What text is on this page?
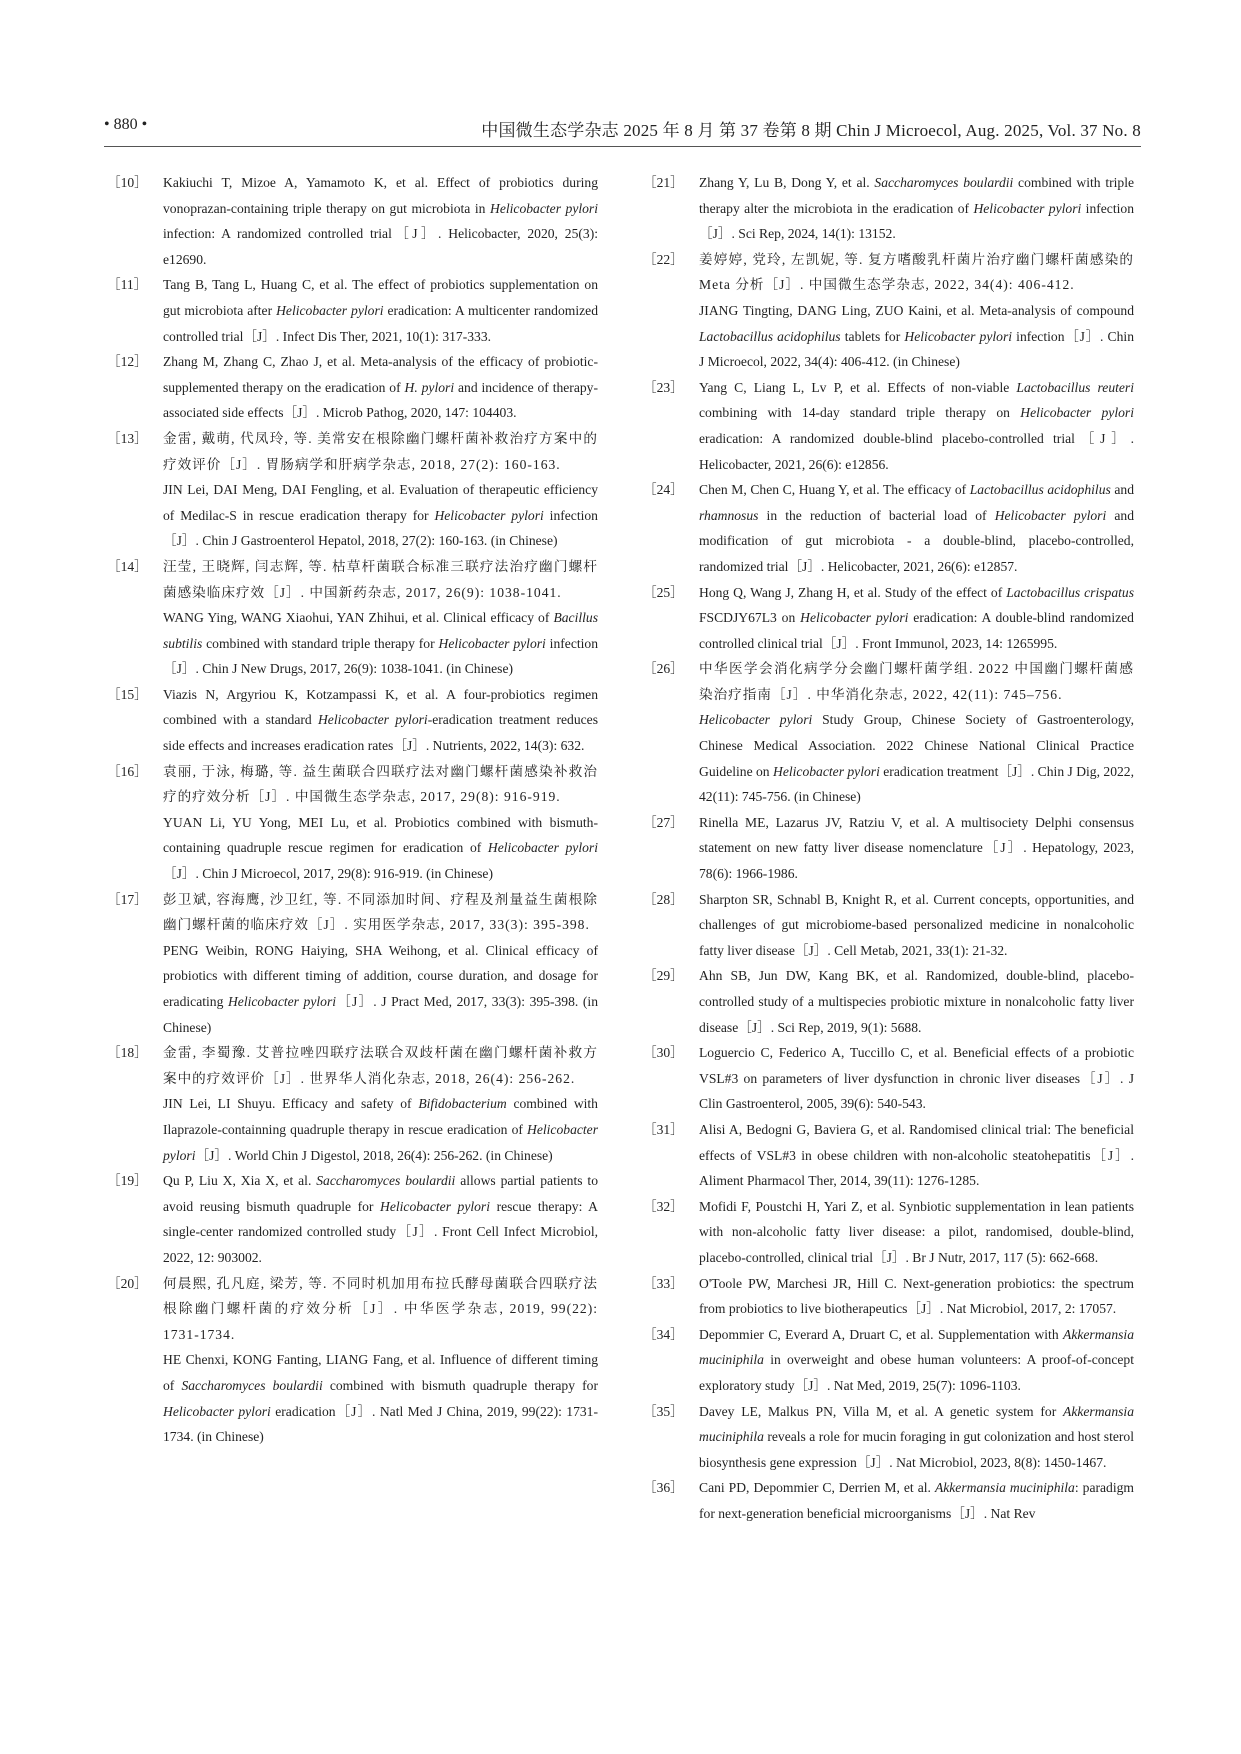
• 880 •	中国微生态学杂志 2025 年 8 月 第 37 卷第 8 期 Chin J Microecol, Aug. 2025, Vol. 37 No. 8
［10］	Kakiuchi T, Mizoe A, Yamamoto K, et al. Effect of probiotics during vonoprazan-containing triple therapy on gut microbiota in Helicobacter pylori infection: A randomized controlled trial［J］. Helicobacter, 2020, 25(3): e12690.
［11］	Tang B, Tang L, Huang C, et al. The effect of probiotics supplementation on gut microbiota after Helicobacter pylori eradication: A multicenter randomized controlled trial［J］. Infect Dis Ther, 2021, 10(1): 317-333.
［12］	Zhang M, Zhang C, Zhao J, et al. Meta-analysis of the efficacy of probiotic-supplemented therapy on the eradication of H. pylori and incidence of therapy-associated side effects［J］. Microb Pathog, 2020, 147: 104403.
［13］	金雷, 戴萌, 代凤玲, 等. 美常安在根除幽门螺杆菌补救治疗方案中的疗效评价［J］. 胃肠病学和肝病学杂志, 2018, 27(2): 160-163.
JIN Lei, DAI Meng, DAI Fengling, et al. Evaluation of therapeutic efficiency of Medilac-S in rescue eradication therapy for Helicobacter pylori infection［J］. Chin J Gastroenterol Hepatol, 2018, 27(2): 160-163. (in Chinese)
［14］	汪莹, 王晓辉, 闫志辉, 等. 枯草杆菌联合标准三联疗法治疗幽门螺杆菌感染临床疗效［J］. 中国新药杂志, 2017, 26(9): 1038-1041.
WANG Ying, WANG Xiaohui, YAN Zhihui, et al. Clinical efficacy of Bacillus subtilis combined with standard triple therapy for Helicobacter pylori infection［J］. Chin J New Drugs, 2017, 26(9): 1038-1041. (in Chinese)
［15］	Viazis N, Argyriou K, Kotzampassi K, et al. A four-probiotics regimen combined with a standard Helicobacter pylori-eradication treatment reduces side effects and increases eradication rates［J］. Nutrients, 2022, 14(3): 632.
［16］	袁丽, 于泳, 梅璐, 等. 益生菌联合四联疗法对幽门螺杆菌感染补救治疗的疗效分析［J］. 中国微生态学杂志, 2017, 29(8): 916-919.
YUAN Li, YU Yong, MEI Lu, et al. Probiotics combined with bismuth-containing quadruple rescue regimen for eradication of Helicobacter pylori［J］. Chin J Microecol, 2017, 29(8): 916-919. (in Chinese)
［17］	彭卫斌, 容海鹰, 沙卫红, 等. 不同添加时间、疗程及剂量益生菌根除幽门螺杆菌的临床疗效［J］. 实用医学杂志, 2017, 33(3): 395-398.
PENG Weibin, RONG Haiying, SHA Weihong, et al. Clinical efficacy of probiotics with different timing of addition, course duration, and dosage for eradicating Helicobacter pylori［J］. J Pract Med, 2017, 33(3): 395-398. (in Chinese)
［18］	金雷, 李蜀豫. 艾普拉唑四联疗法联合双歧杆菌在幽门螺杆菌补救方案中的疗效评价［J］. 世界华人消化杂志, 2018, 26(4): 256-262.
JIN Lei, LI Shuyu. Efficacy and safety of Bifidobacterium combined with Ilaprazole-containning quadruple therapy in rescue eradication of Helicobacter pylori［J］. World Chin J Digestol, 2018, 26(4): 256-262. (in Chinese)
［19］	Qu P, Liu X, Xia X, et al. Saccharomyces boulardii allows partial patients to avoid reusing bismuth quadruple for Helicobacter pylori rescue therapy: A single-center randomized controlled study［J］. Front Cell Infect Microbiol, 2022, 12: 903002.
［20］	何晨熙, 孔凡庭, 梁芳, 等. 不同时机加用布拉氏酵母菌联合四联疗法根除幽门螺杆菌的疗效分析［J］. 中华医学杂志, 2019, 99(22): 1731-1734.
HE Chenxi, KONG Fanting, LIANG Fang, et al. Influence of different timing of Saccharomyces boulardii combined with bismuth quadruple therapy for Helicobacter pylori eradication［J］. Natl Med J China, 2019, 99(22): 1731-1734. (in Chinese)
［21］	Zhang Y, Lu B, Dong Y, et al. Saccharomyces boulardii combined with triple therapy alter the microbiota in the eradication of Helicobacter pylori infection［J］. Sci Rep, 2024, 14(1): 13152.
［22］	姜婷婷, 党玲, 左凯妮, 等. 复方嗜酸乳杆菌片治疗幽门螺杆菌感染的 Meta 分析［J］. 中国微生态学杂志, 2022, 34(4): 406-412.
JIANG Tingting, DANG Ling, ZUO Kaini, et al. Meta-analysis of compound Lactobacillus acidophilus tablets for Helicobacter pylori infection［J］. Chin J Microecol, 2022, 34(4): 406-412. (in Chinese)
［23］	Yang C, Liang L, Lv P, et al. Effects of non-viable Lactobacillus reuteri combining with 14-day standard triple therapy on Helicobacter pylori eradication: A randomized double-blind placebo-controlled trial［J］. Helicobacter, 2021, 26(6): e12856.
［24］	Chen M, Chen C, Huang Y, et al. The efficacy of Lactobacillus acidophilus and rhamnosus in the reduction of bacterial load of Helicobacter pylori and modification of gut microbiota - a double-blind, placebo-controlled, randomized trial［J］. Helicobacter, 2021, 26(6): e12857.
［25］	Hong Q, Wang J, Zhang H, et al. Study of the effect of Lactobacillus crispatus FSCDJY67L3 on Helicobacter pylori eradication: A double-blind randomized controlled clinical trial［J］. Front Immunol, 2023, 14: 1265995.
［26］	中华医学会消化病学分会幽门螺杆菌学组. 2022 中国幽门螺杆菌感染治疗指南［J］. 中华消化杂志, 2022, 42(11): 745–756.
Helicobacter pylori Study Group, Chinese Society of Gastroenterology, Chinese Medical Association. 2022 Chinese National Clinical Practice Guideline on Helicobacter pylori eradication treatment［J］. Chin J Dig, 2022, 42(11): 745-756. (in Chinese)
［27］	Rinella ME, Lazarus JV, Ratziu V, et al. A multisociety Delphi consensus statement on new fatty liver disease nomenclature［J］. Hepatology, 2023, 78(6): 1966-1986.
［28］	Sharpton SR, Schnabl B, Knight R, et al. Current concepts, opportunities, and challenges of gut microbiome-based personalized medicine in nonalcoholic fatty liver disease［J］. Cell Metab, 2021, 33(1): 21-32.
［29］	Ahn SB, Jun DW, Kang BK, et al. Randomized, double-blind, placebo-controlled study of a multispecies probiotic mixture in nonalcoholic fatty liver disease［J］. Sci Rep, 2019, 9(1): 5688.
［30］	Loguercio C, Federico A, Tuccillo C, et al. Beneficial effects of a probiotic VSL#3 on parameters of liver dysfunction in chronic liver diseases［J］. J Clin Gastroenterol, 2005, 39(6): 540-543.
［31］	Alisi A, Bedogni G, Baviera G, et al. Randomised clinical trial: The beneficial effects of VSL#3 in obese children with non-alcoholic steatohepatitis［J］. Aliment Pharmacol Ther, 2014, 39(11): 1276-1285.
［32］	Mofidi F, Poustchi H, Yari Z, et al. Synbiotic supplementation in lean patients with non-alcoholic fatty liver disease: a pilot, randomised, double-blind, placebo-controlled, clinical trial［J］. Br J Nutr, 2017, 117 (5): 662-668.
［33］	O'Toole PW, Marchesi JR, Hill C. Next-generation probiotics: the spectrum from probiotics to live biotherapeutics［J］. Nat Microbiol, 2017, 2: 17057.
［34］	Depommier C, Everard A, Druart C, et al. Supplementation with Akkermansia muciniphila in overweight and obese human volunteers: A proof-of-concept exploratory study［J］. Nat Med, 2019, 25(7): 1096-1103.
［35］	Davey LE, Malkus PN, Villa M, et al. A genetic system for Akkermansia muciniphila reveals a role for mucin foraging in gut colonization and host sterol biosynthesis gene expression［J］. Nat Microbiol, 2023, 8(8): 1450-1467.
［36］	Cani PD, Depommier C, Derrien M, et al. Akkermansia muciniphila: paradigm for next-generation beneficial microorganisms［J］. Nat Rev
